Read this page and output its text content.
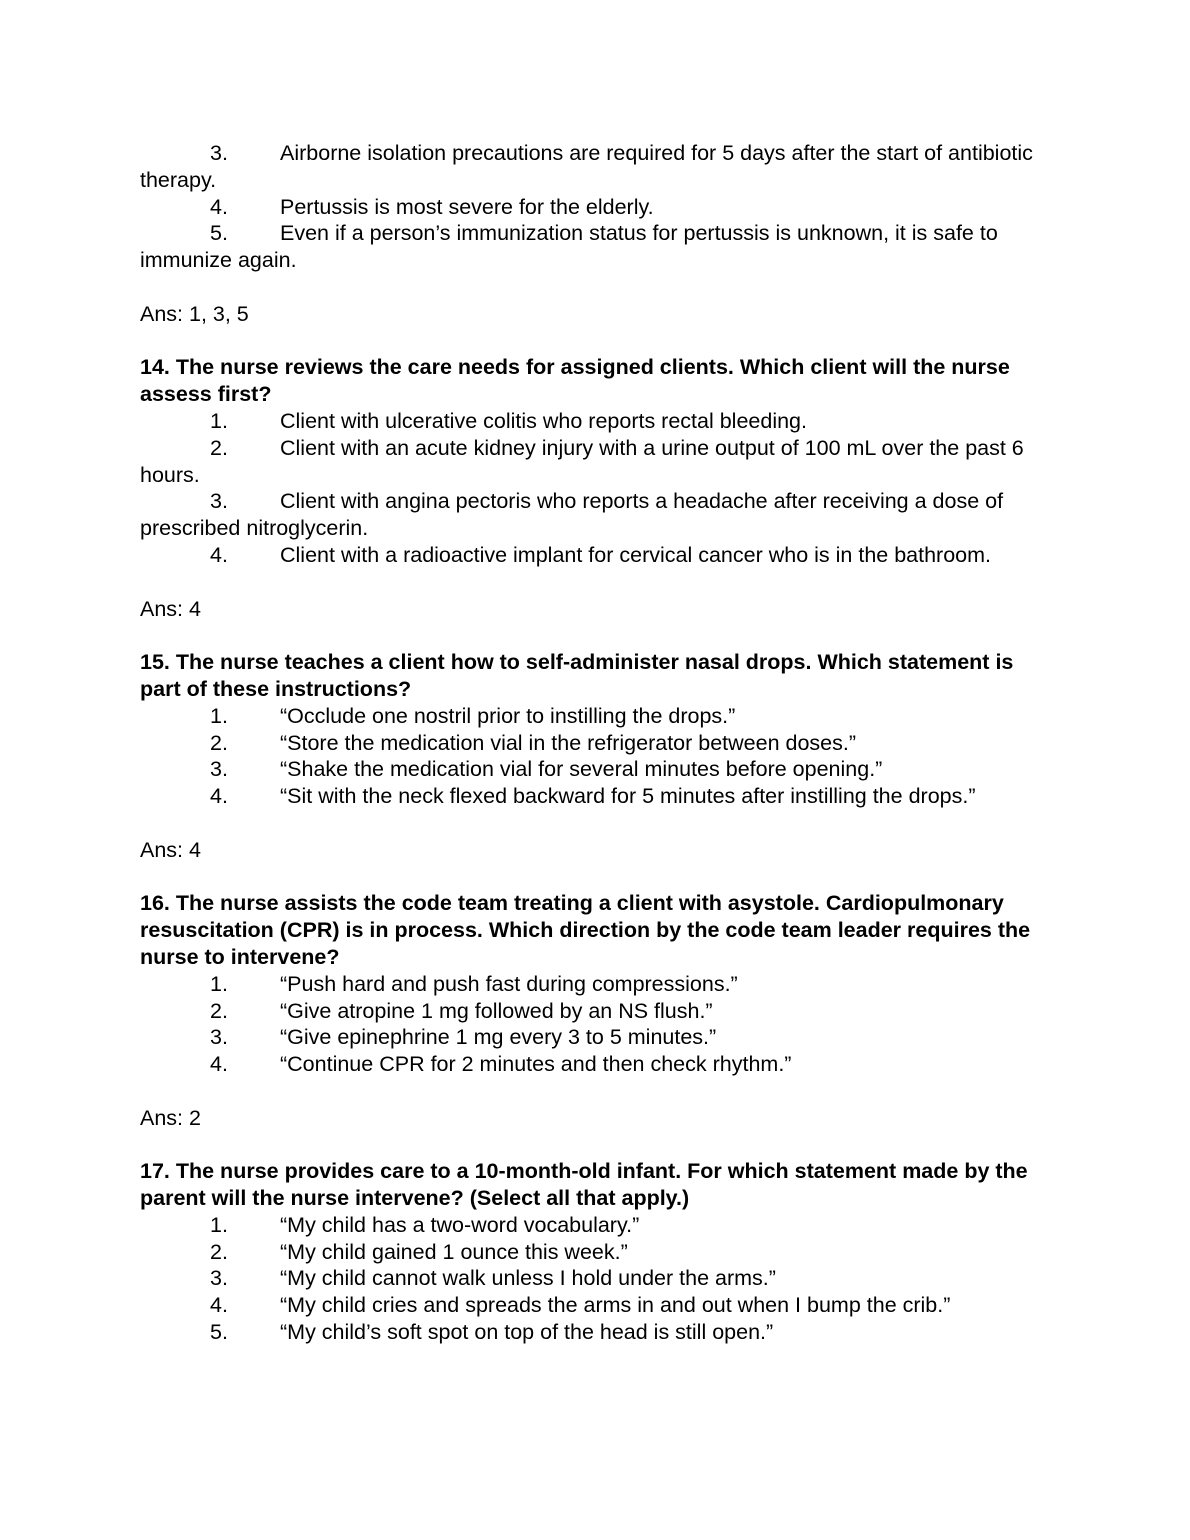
3. Airborne isolation precautions are required for 5 days after the start of antibiotic therapy.
4. Pertussis is most severe for the elderly.
5. Even if a person’s immunization status for pertussis is unknown, it is safe to immunize again.
Ans: 1, 3, 5
14. The nurse reviews the care needs for assigned clients. Which client will the nurse assess first?
1. Client with ulcerative colitis who reports rectal bleeding.
2. Client with an acute kidney injury with a urine output of 100 mL over the past 6 hours.
3. Client with angina pectoris who reports a headache after receiving a dose of prescribed nitroglycerin.
4. Client with a radioactive implant for cervical cancer who is in the bathroom.
Ans: 4
15. The nurse teaches a client how to self-administer nasal drops. Which statement is part of these instructions?
1. “Occlude one nostril prior to instilling the drops.”
2. “Store the medication vial in the refrigerator between doses.”
3. “Shake the medication vial for several minutes before opening.”
4. “Sit with the neck flexed backward for 5 minutes after instilling the drops.”
Ans: 4
16. The nurse assists the code team treating a client with asystole. Cardiopulmonary resuscitation (CPR) is in process. Which direction by the code team leader requires the nurse to intervene?
1. “Push hard and push fast during compressions.”
2. “Give atropine 1 mg followed by an NS flush.”
3. “Give epinephrine 1 mg every 3 to 5 minutes.”
4. “Continue CPR for 2 minutes and then check rhythm.”
Ans: 2
17. The nurse provides care to a 10-month-old infant. For which statement made by the parent will the nurse intervene? (Select all that apply.)
1. “My child has a two-word vocabulary.”
2. “My child gained 1 ounce this week.”
3. “My child cannot walk unless I hold under the arms.”
4. “My child cries and spreads the arms in and out when I bump the crib.”
5. “My child’s soft spot on top of the head is still open.”
